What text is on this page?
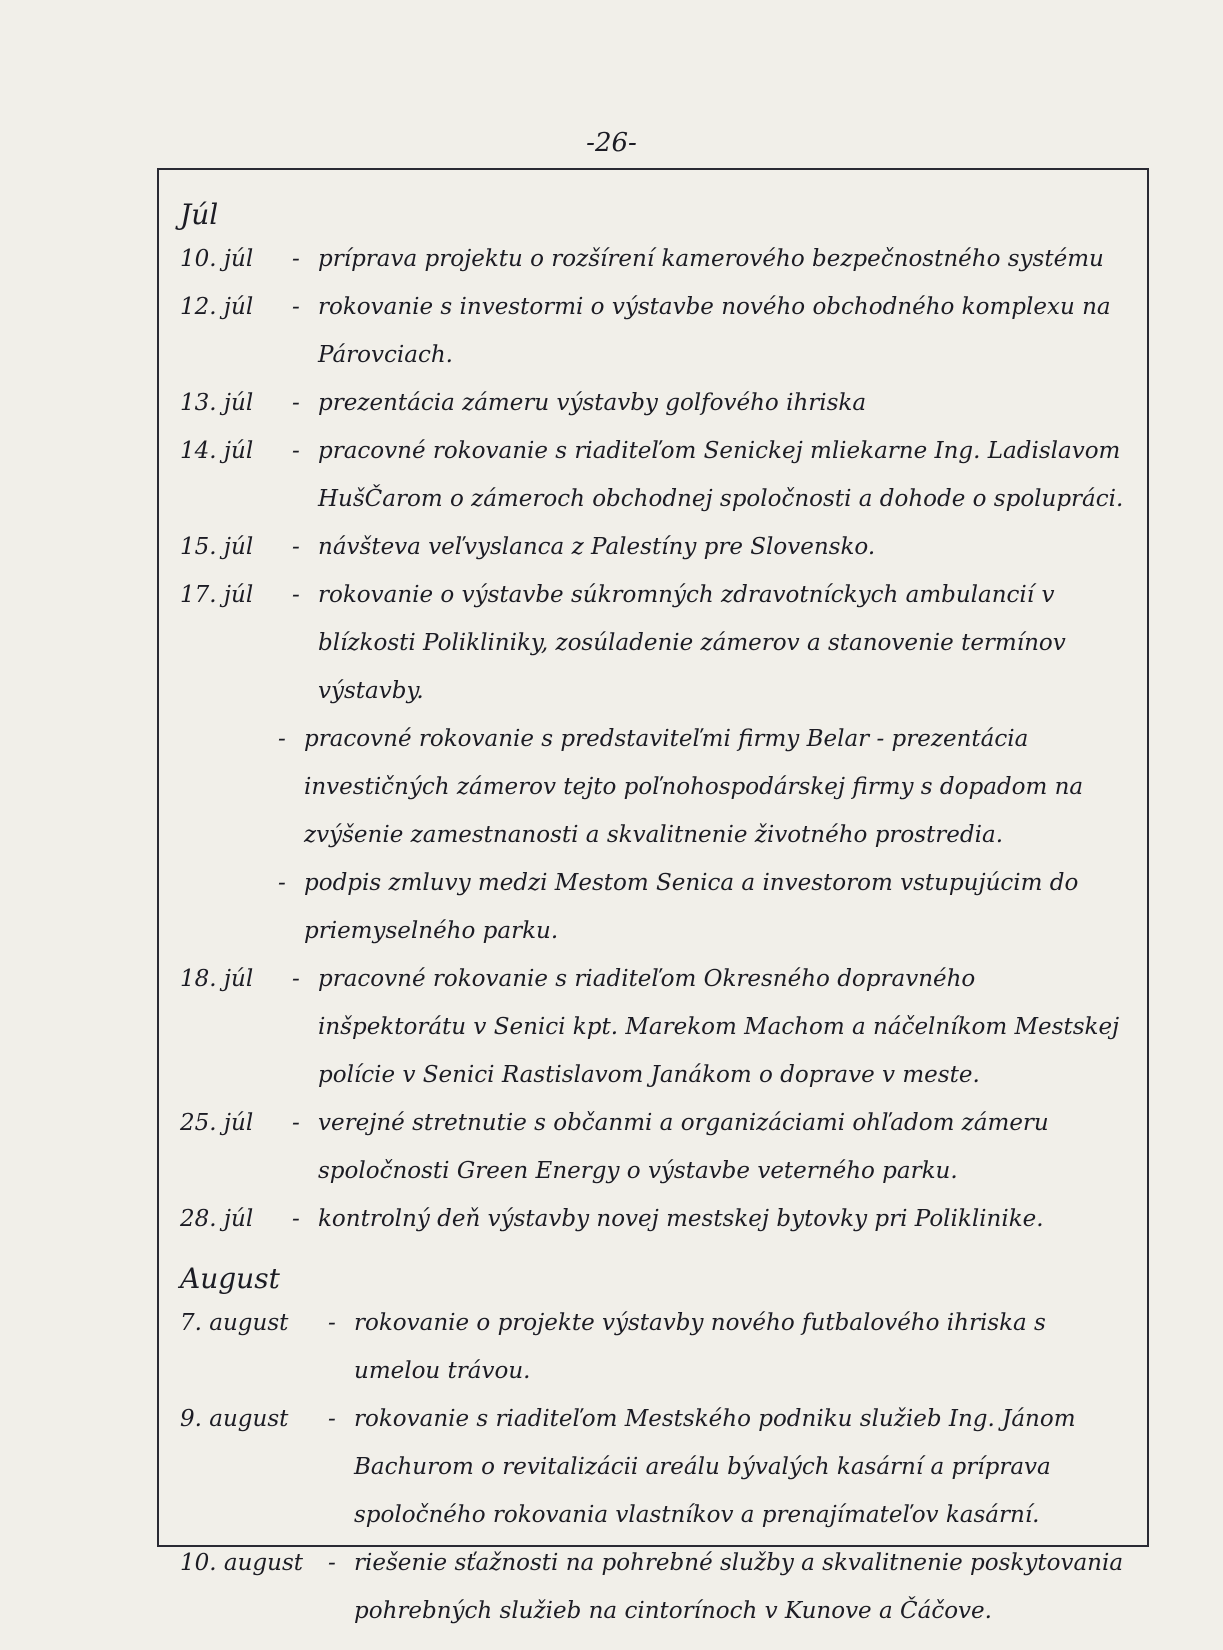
-26-
Júl
10. júl	- príprava projektu o rozšírení kamerového bezpečnostného systému
12. júl	- rokovanie s investormi o výstavbe nového obchodného komplexu na Párovciach.
13. júl	- prezentácia zámeru výstavby golfového ihriska
14. júl	- pracovné rokovanie s riaditeľom Senickej mliekarne Ing. Ladislavom HušČarom o zámeroch obchodnej spoločnosti a dohode o spolupráci.
15. júl	- návšteva veľvyslanca z Palestíny pre Slovensko.
17. júl	- rokovanie o výstavbe súkromných zdravotníckych ambulancií v blízkosti Polikliniky, zosúladenie zámerov a stanovenie termínov výstavby.
- pracovné rokovanie s predstaviteľmi firmy Belar - prezentácia investičných zámerov tejto poľnohospodárskej firmy s dopadom na zvýšenie zamestnanosti a skvalitnenie životného prostredia.
- podpis zmluvy medzi Mestom Senica a investorom vstupujúcim do priemyselného parku.
18. júl	- pracovné rokovanie s riaditeľom Okresného dopravného inšpektorátu v Senici kpt. Marekom Machom a náčelníkom Mestskej polície v Senici Rastislavom Janákom o doprave v meste.
25. júl	- verejné stretnutie s občanmi a organizáciami ohľadom zámeru spoločnosti Green Energy o výstavbe veterného parku.
28. júl	- kontrolný deň výstavby novej mestskej bytovky pri Poliklinike.
August
7. august	- rokovanie o projekte výstavby nového futbalového ihriska s umelou trávou.
9. august	- rokovanie s riaditeľom Mestského podniku služieb Ing. Jánom Bachurom o revitalizácii areálu bývalých kasární a príprava spoločného rokovania vlastníkov a prenajímateľov kasární.
10. august	- riešenie sťažnosti na pohrebné služby a skvalitnenie poskytovania pohrebných služieb na cintorínoch v Kunove a Čáčove.
